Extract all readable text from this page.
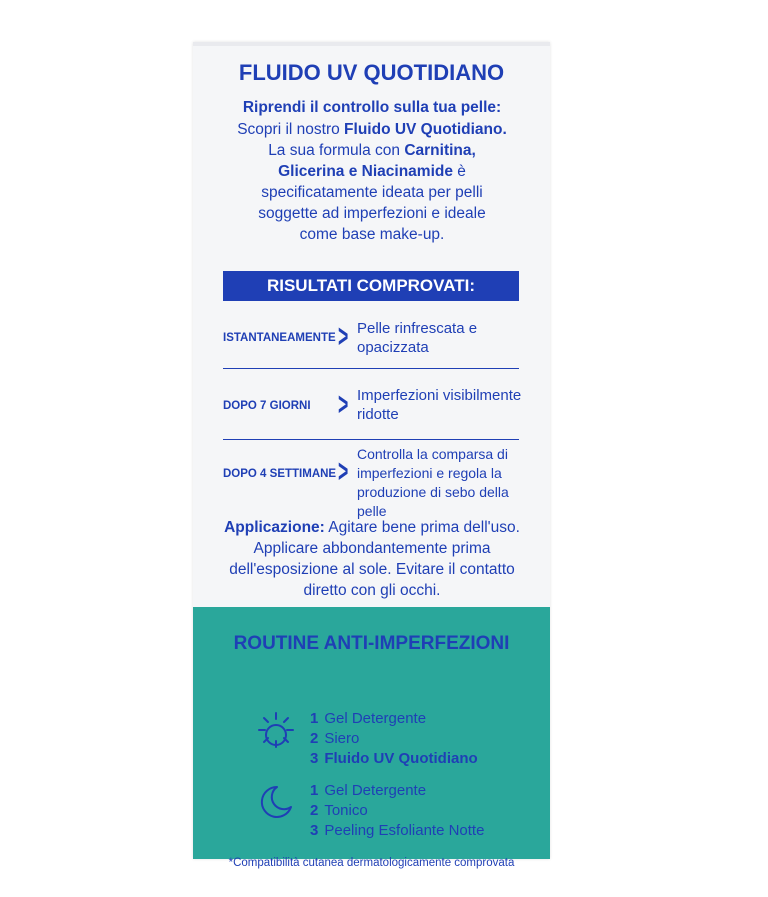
FLUIDO UV QUOTIDIANO
Riprendi il controllo sulla tua pelle:
Scopri il nostro Fluido UV Quotidiano.
La sua formula con Carnitina,
Glicerina e Niacinamide è
specificatamente ideata per pelli
soggette ad imperfezioni e ideale
come base make-up.
RISULTATI COMPROVATI:
ISTANTANEAMENTE > Pelle rinfrescata e opacizzata
DOPO 7 GIORNI > Imperfezioni visibilmente ridotte
DOPO 4 SETTIMANE > Controlla la comparsa di imperfezioni e regola la produzione di sebo della pelle
Applicazione: Agitare bene prima dell'uso. Applicare abbondantemente prima dell'esposizione al sole. Evitare il contatto diretto con gli occhi.
ROUTINE ANTI-IMPERFEZIONI
1 Gel Detergente
2 Siero
3 Fluido UV Quotidiano
1 Gel Detergente
2 Tonico
3 Peeling Esfoliante Notte
*Compatibilità cutanea dermatologicamente comprovata
